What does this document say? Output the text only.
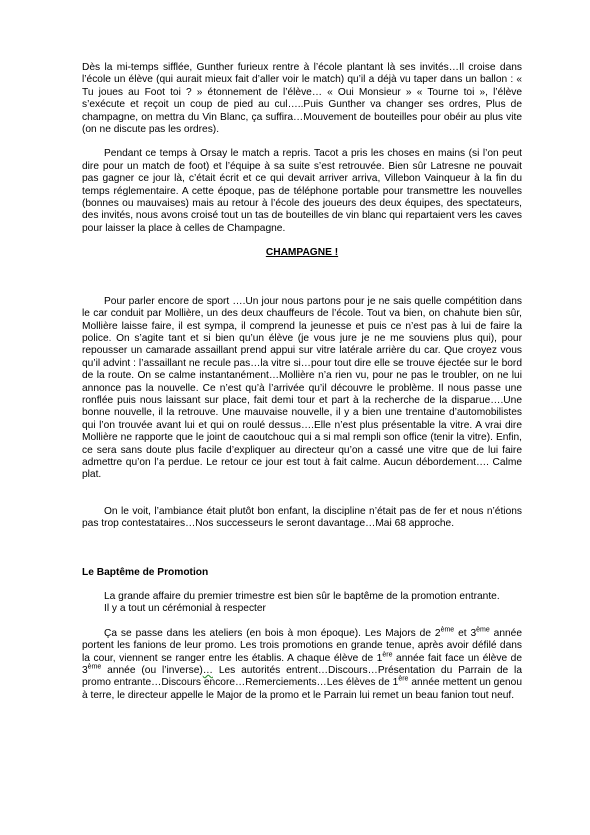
Dès la mi-temps sifflée, Gunther furieux rentre à l’école plantant là ses invités…Il croise dans l’école un élève (qui aurait mieux fait d’aller voir le match) qu’il a déjà vu taper dans un ballon : « Tu joues au Foot toi ? » étonnement de l’élève… « Oui Monsieur » « Tourne toi », l’élève s’exécute et reçoit un coup de pied au cul…..Puis Gunther va changer ses ordres, Plus de champagne, on mettra du Vin Blanc, ça suffira…Mouvement de bouteilles pour obéir au plus vite (on ne discute pas les ordres).

Pendant ce temps à Orsay le match a repris. Tacot a pris les choses en mains (si l’on peut dire pour un match de foot) et l’équipe à sa suite s’est retrouvée. Bien sûr Latresne ne pouvait pas gagner ce jour là, c’était écrit et ce qui devait arriver arriva, Villebon Vainqueur à la fin du temps réglementaire. A cette époque, pas de téléphone portable pour transmettre les nouvelles (bonnes ou mauvaises) mais au retour à l’école des joueurs des deux équipes, des spectateurs, des invités, nous avons croisé tout un tas de bouteilles de vin blanc qui repartaient vers les caves pour laisser la place à celles de Champagne.

CHAMPAGNE !

Pour parler encore de sport ….Un jour nous partons pour je ne sais quelle compétition dans le car conduit par Mollière, un des deux chauffeurs de l’école. Tout va bien, on chahute bien sûr, Mollière laisse faire, il est sympa, il comprend la jeunesse et puis ce n’est pas à lui de faire la police. On s’agite tant et si bien qu’un élève (je vous jure je ne me souviens plus qui), pour repousser un camarade assaillant prend appui sur vitre latérale arrière du car. Que croyez vous qu’il advint : l’assaillant ne recule pas…la vitre si…pour tout dire elle se trouve éjectée sur le bord de la route. On se calme instantanément…Mollière n’a rien vu, pour ne pas le troubler, on ne lui annonce pas la nouvelle. Ce n’est qu’à l’arrivée qu’il découvre le problème. Il nous passe une ronflée puis nous laissant sur place, fait demi tour et part à la recherche de la disparue….Une bonne nouvelle, il la retrouve. Une mauvaise nouvelle, il y a bien une trentaine d’automobilistes qui l’on trouvée avant lui et qui on roulé dessus….Elle n’est plus présentable la vitre. A vrai dire Mollière ne rapporte que le joint de caoutchouc qui a si mal rempli son office (tenir la vitre). Enfin, ce sera sans doute plus facile d’expliquer au directeur qu’on a cassé une vitre que de lui faire admettre qu’on l’a perdue. Le retour ce jour est tout à fait calme. Aucun débordement…. Calme plat.

On le voit, l’ambiance était plutôt bon enfant, la discipline n’était pas de fer et nous n’étions pas trop contestataires…Nos successeurs le seront davantage…Mai 68 approche.

Le Baptême de Promotion

La grande affaire du premier trimestre est bien sûr le baptême de la promotion entrante.

Il y a tout un cérémonial à respecter

Ça se passe dans les ateliers (en bois à mon époque). Les Majors de 2ème et 3ème année portent les fanions de leur promo. Les trois promotions en grande tenue, après avoir défilé dans la cour, viennent se ranger entre les établis. A chaque élève de 1ère année fait face un élève de 3ème année (ou l’inverse)… Les autorités entrent…Discours…Présentation du Parrain de la promo entrante…Discours encore…Remerciements…Les élèves de 1ère année mettent un genou à terre, le directeur appelle le Major de la promo et le Parrain lui remet un beau fanion tout neuf.
